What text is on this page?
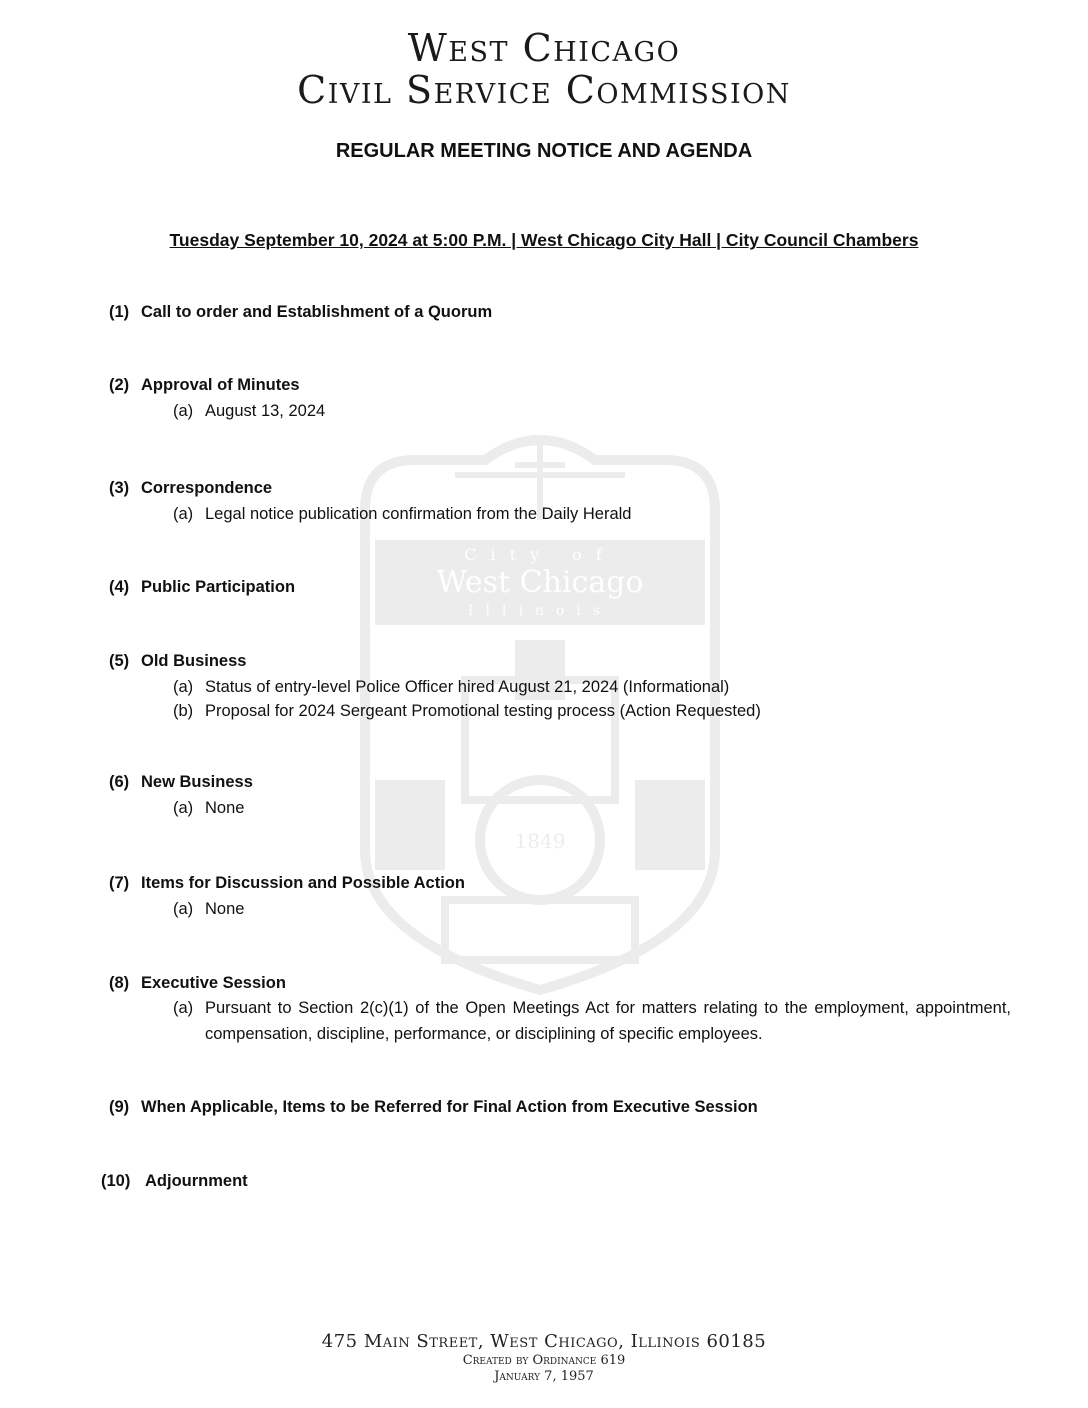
City of
West Chicago
Illinois
1849
West Chicago
Civil Service Commission
REGULAR MEETING NOTICE AND AGENDA
Tuesday September 10, 2024 at 5:00 P.M. | West Chicago City Hall | City Council Chambers
(1) Call to order and Establishment of a Quorum
(2) Approval of Minutes
(a) August 13, 2024
(3) Correspondence
(a) Legal notice publication confirmation from the Daily Herald
(4) Public Participation
(5) Old Business
(a) Status of entry-level Police Officer hired August 21, 2024 (Informational)
(b) Proposal for 2024 Sergeant Promotional testing process (Action Requested)
(6) New Business
(a) None
(7) Items for Discussion and Possible Action
(a) None
(8) Executive Session
(a) Pursuant to Section 2(c)(1) of the Open Meetings Act for matters relating to the employment, appointment, compensation, discipline, performance, or disciplining of specific employees.
(9) When Applicable, Items to be Referred for Final Action from Executive Session
(10) Adjournment
475 Main Street, West Chicago, Illinois 60185
Created by Ordinance 619
January 7, 1957
